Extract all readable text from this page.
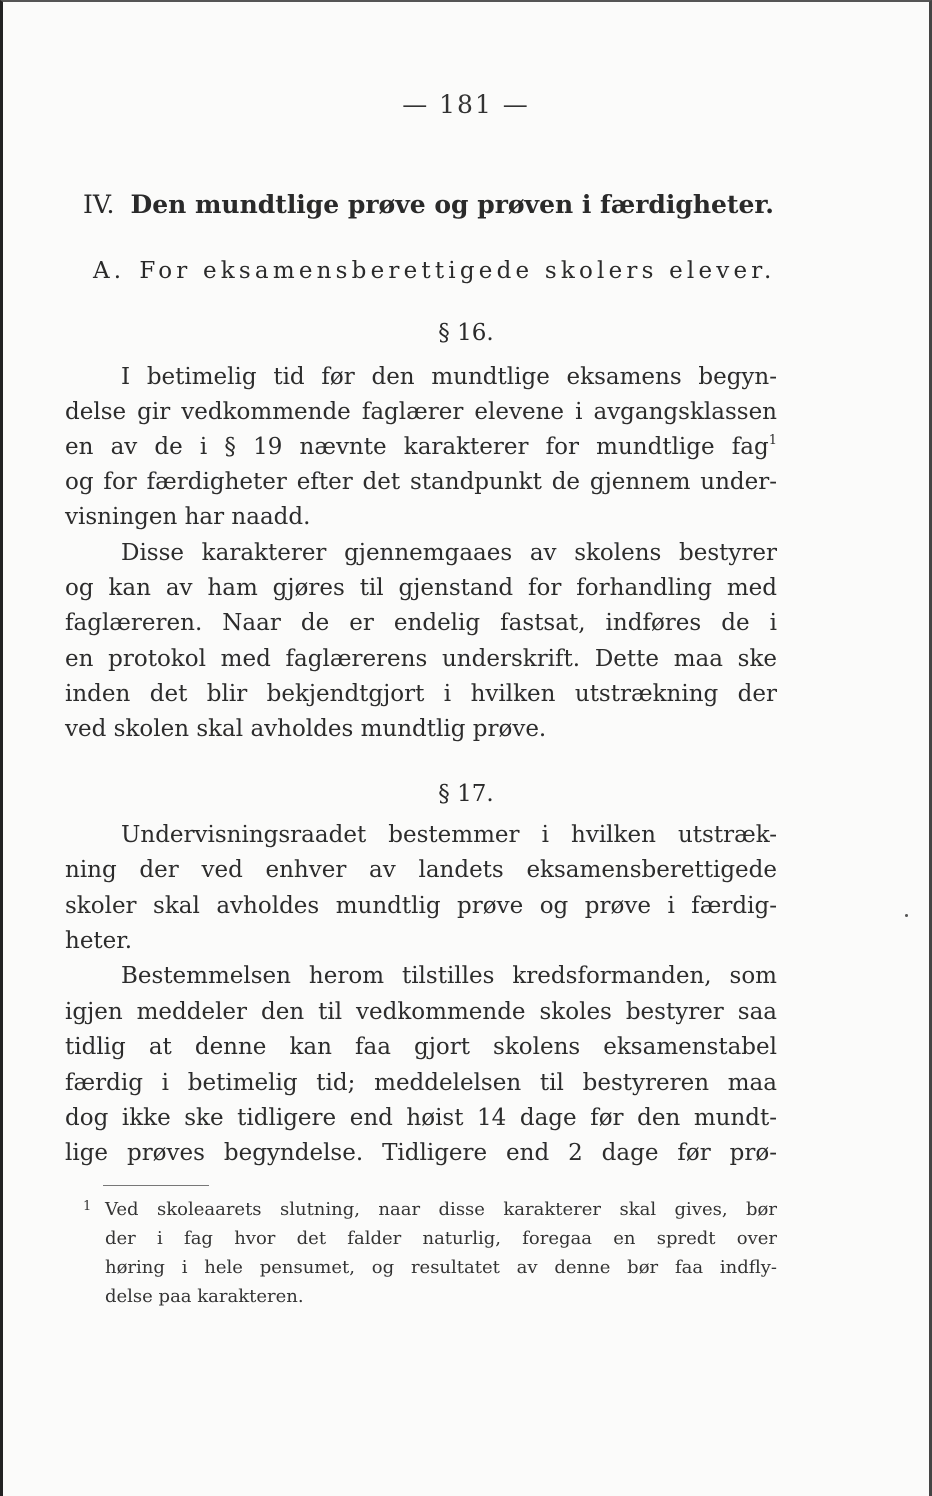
— 181 —
IV. Den mundtlige prøve og prøven i færdigheter.
A. For eksamensberettigede skolers elever.
§ 16.
I betimelig tid før den mundtlige eksamens begyn-
delse gir vedkommende faglærer elevene i avgangsklassen
en av de i § 19 nævnte karakterer for mundtlige fag$^1$
og for færdigheter efter det standpunkt de gjennem under-
visningen har naadd.
Disse karakterer gjennemgaaes av skolens bestyrer
og kan av ham gjøres til gjenstand for forhandling med
faglæreren. Naar de er endelig fastsat, indføres de i
en protokol med faglærerens underskrift. Dette maa ske
inden det blir bekjendtgjort i hvilken utstrækning der
ved skolen skal avholdes mundtlig prøve.
§ 17.
Undervisningsraadet bestemmer i hvilken utstræk-
ning der ved enhver av landets eksamensberettigede
skoler skal avholdes mundtlig prøve og prøve i færdig-
heter.
Bestemmelsen herom tilstilles kredsformanden, som
igjen meddeler den til vedkommende skoles bestyrer saa
tidlig at denne kan faa gjort skolens eksamenstabel
færdig i betimelig tid; meddelelsen til bestyreren maa
dog ikke ske tidligere end høist 14 dage før den mundt-
lige prøves begyndelse. Tidligere end 2 dage før prø-
1 Ved skoleaarets slutning, naar disse karakterer skal gives, bør
der i fag hvor det falder naturlig, foregaa en spredt over
høring i hele pensumet, og resultatet av denne bør faa indfly-
delse paa karakteren.
